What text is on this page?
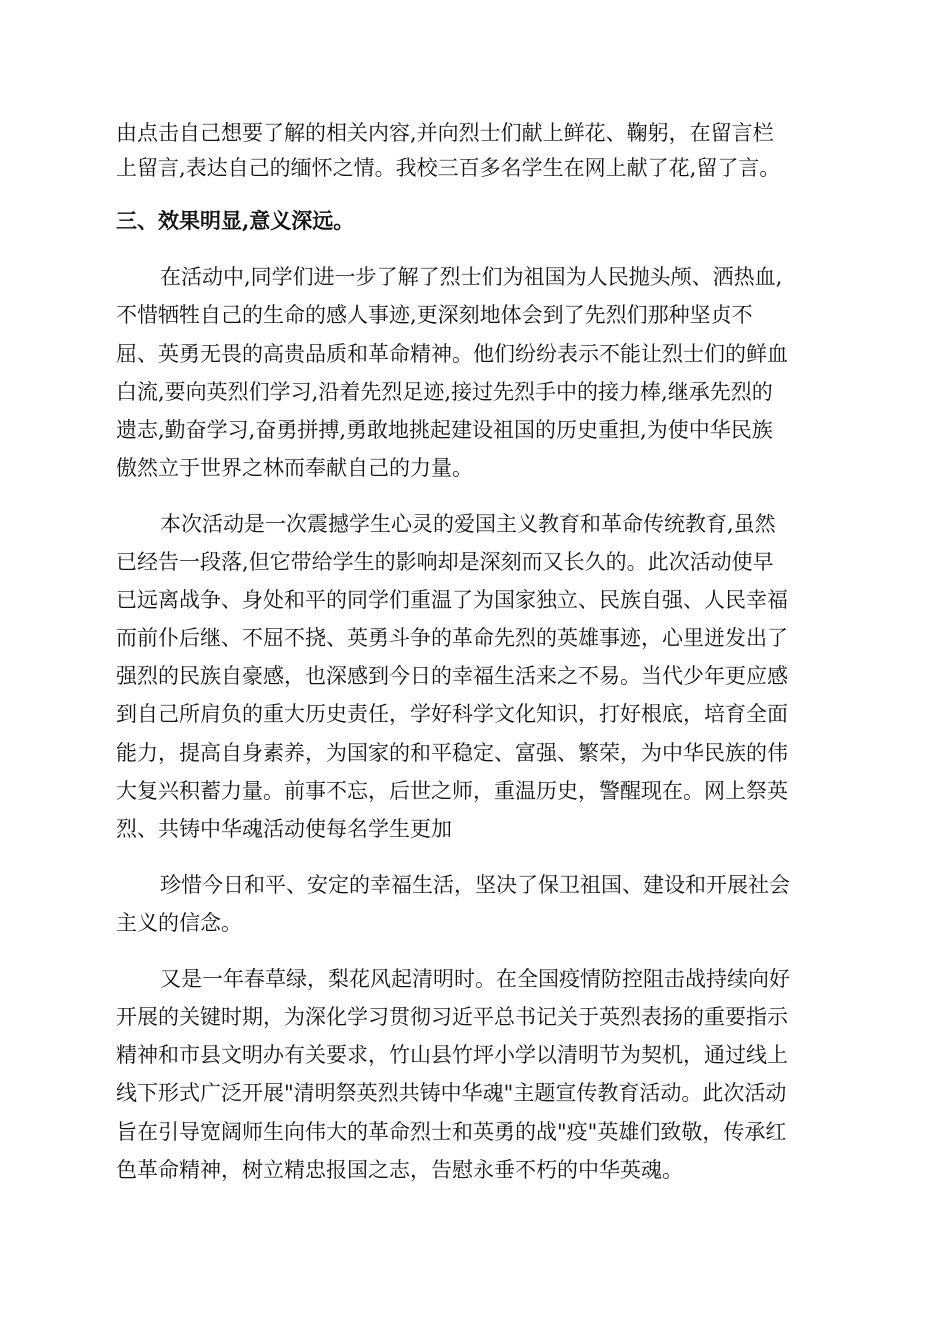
由点击自己想要了解的相关内容,并向烈士们献上鲜花、鞠躬，在留言栏
上留言,表达自己的缅怀之情。我校三百多名学生在网上献了花,留了言。
三、效果明显,意义深远。
在活动中,同学们进一步了解了烈士们为祖国为人民抛头颅、洒热血,
不惜牺牲自己的生命的感人事迹,更深刻地体会到了先烈们那种坚贞不
屈、英勇无畏的高贵品质和革命精神。他们纷纷表示不能让烈士们的鲜血
白流,要向英烈们学习,沿着先烈足迹,接过先烈手中的接力棒,继承先烈的
遗志,勤奋学习,奋勇拼搏,勇敢地挑起建设祖国的历史重担,为使中华民族
傲然立于世界之林而奉献自己的力量。
本次活动是一次震撼学生心灵的爱国主义教育和革命传统教育,虽然
已经告一段落,但它带给学生的影响却是深刻而又长久的。此次活动使早
已远离战争、身处和平的同学们重温了为国家独立、民族自强、人民幸福
而前仆后继、不屈不挠、英勇斗争的革命先烈的英雄事迹，心里迸发出了
强烈的民族自豪感，也深感到今日的幸福生活来之不易。当代少年更应感
到自己所肩负的重大历史责任，学好科学文化知识，打好根底，培育全面
能力，提高自身素养，为国家的和平稳定、富强、繁荣，为中华民族的伟
大复兴积蓄力量。前事不忘，后世之师，重温历史，警醒现在。网上祭英
烈、共铸中华魂活动使每名学生更加
珍惜今日和平、安定的幸福生活，坚决了保卫祖国、建设和开展社会
主义的信念。
又是一年春草绿，梨花风起清明时。在全国疫情防控阻击战持续向好
开展的关键时期，为深化学习贯彻习近平总书记关于英烈表扬的重要指示
精神和市县文明办有关要求，竹山县竹坪小学以清明节为契机，通过线上
线下形式广泛开展"清明祭英烈共铸中华魂"主题宣传教育活动。此次活动
旨在引导宽阔师生向伟大的革命烈士和英勇的战"疫"英雄们致敬，传承红
色革命精神，树立精忠报国之志，告慰永垂不朽的中华英魂。
